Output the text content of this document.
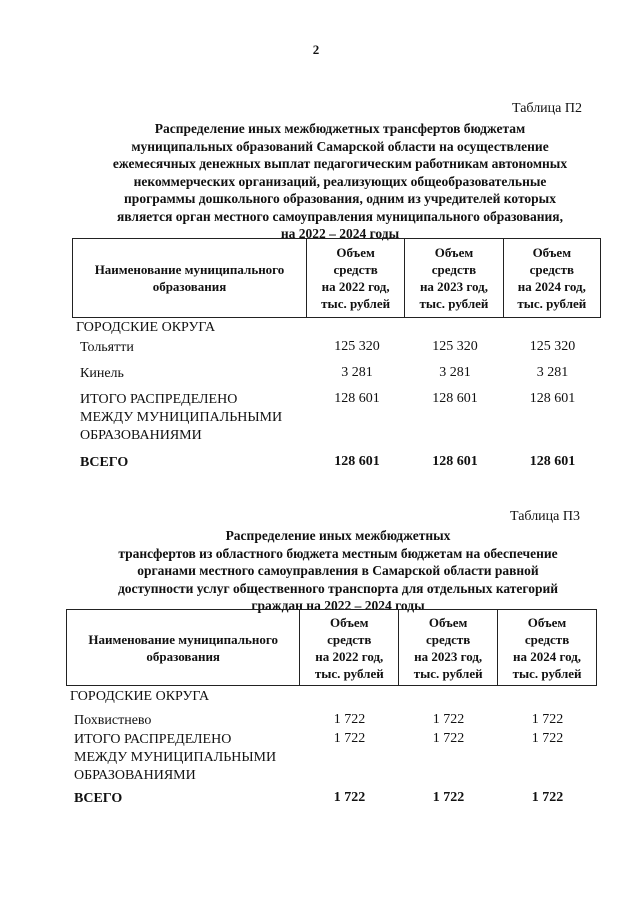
2
Таблица П2
Распределение иных межбюджетных трансфертов бюджетам
муниципальных образований Самарской области на осуществление
ежемесячных денежных выплат педагогическим работникам автономных
некоммерческих организаций, реализующих общеобразовательные
программы дошкольного образования, одним из учредителей которых
является орган местного самоуправления муниципального образования,
на 2022 – 2024 годы
Наименование муниципального
образования

Объем
средств
на 2022 год,
тыс. рублей

Объем
средств
на 2023 год,
тыс. рублей

Объем
средств
на 2024 год,
тыс. рублей
ГОРОДСКИЕ ОКРУГА
Тольятти	125 320	125 320	125 320
Кинель	3 281	3 281	3 281
ИТОГО РАСПРЕДЕЛЕНО
МЕЖДУ МУНИЦИПАЛЬНЫМИ
ОБРАЗОВАНИЯМИ
128 601	128 601	128 601
ВСЕГО	128 601	128 601	128 601
Таблица П3
Распределение иных межбюджетных
трансфертов из областного бюджета местным бюджетам на обеспечение
органами местного самоуправления в Самарской области равной
доступности услуг общественного транспорта для отдельных категорий
граждан на 2022 – 2024 годы
Наименование муниципального
образования

Объем
средств
на 2022 год,
тыс. рублей

Объем
средств
на 2023 год,
тыс. рублей

Объем
средств
на 2024 год,
тыс. рублей
ГОРОДСКИЕ ОКРУГА
Похвистнево	1 722	1 722	1 722
ИТОГО РАСПРЕДЕЛЕНО
МЕЖДУ МУНИЦИПАЛЬНЫМИ
ОБРАЗОВАНИЯМИ
1 722	1 722	1 722
ВСЕГО	1 722	1 722	1 722
